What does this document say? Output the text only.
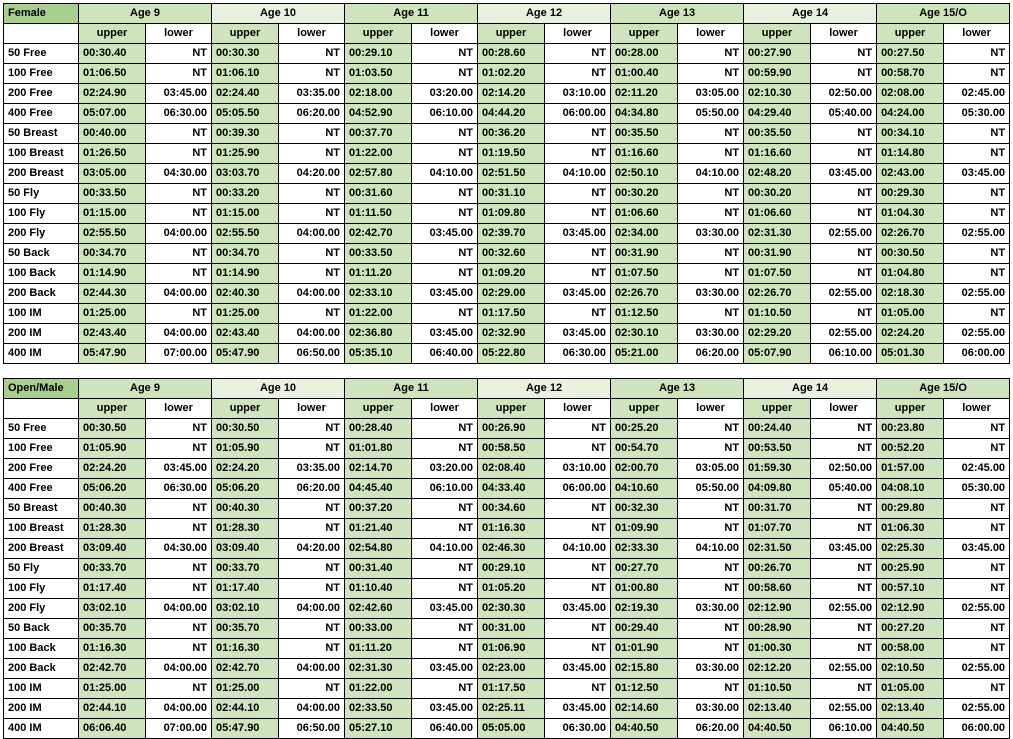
Female	Age 9		Age 10		Age 11		Age 12		Age 13		Age 14		Age 15/O	
	upper	lower	upper	lower	upper	lower	upper	lower	upper	lower	upper	lower	upper	lower
50 Free	00:30.40	NT	00:30.30	NT	00:29.10	NT	00:28.60	NT	00:28.00	NT	00:27.90	NT	00:27.50	NT
100 Free	01:06.50	NT	01:06.10	NT	01:03.50	NT	01:02.20	NT	01:00.40	NT	00:59.90	NT	00:58.70	NT
200 Free	02:24.90	03:45.00	02:24.40	03:35.00	02:18.00	03:20.00	02:14.20	03:10.00	02:11.20	03:05.00	02:10.30	02:50.00	02:08.00	02:45.00
400 Free	05:07.00	06:30.00	05:05.50	06:20.00	04:52.90	06:10.00	04:44.20	06:00.00	04:34.80	05:50.00	04:29.40	05:40.00	04:24.00	05:30.00
50 Breast	00:40.00	NT	00:39.30	NT	00:37.70	NT	00:36.20	NT	00:35.50	NT	00:35.50	NT	00:34.10	NT
100 Breast	01:26.50	NT	01:25.90	NT	01:22.00	NT	01:19.50	NT	01:16.60	NT	01:16.60	NT	01:14.80	NT
200 Breast	03:05.00	04:30.00	03:03.70	04:20.00	02:57.80	04:10.00	02:51.50	04:10.00	02:50.10	04:10.00	02:48.20	03:45.00	02:43.00	03:45.00
50 Fly	00:33.50	NT	00:33.20	NT	00:31.60	NT	00:31.10	NT	00:30.20	NT	00:30.20	NT	00:29.30	NT
100 Fly	01:15.00	NT	01:15.00	NT	01:11.50	NT	01:09.80	NT	01:06.60	NT	01:06.60	NT	01:04.30	NT
200 Fly	02:55.50	04:00.00	02:55.50	04:00.00	02:42.70	03:45.00	02:39.70	03:45.00	02:34.00	03:30.00	02:31.30	02:55.00	02:26.70	02:55.00
50 Back	00:34.70	NT	00:34.70	NT	00:33.50	NT	00:32.60	NT	00:31.90	NT	00:31.90	NT	00:30.50	NT
100 Back	01:14.90	NT	01:14.90	NT	01:11.20	NT	01:09.20	NT	01:07.50	NT	01:07.50	NT	01:04.80	NT
200 Back	02:44.30	04:00.00	02:40.30	04:00.00	02:33.10	03:45.00	02:29.00	03:45.00	02:26.70	03:30.00	02:26.70	02:55.00	02:18.30	02:55.00
100 IM	01:25.00	NT	01:25.00	NT	01:22.00	NT	01:17.50	NT	01:12.50	NT	01:10.50	NT	01:05.00	NT
200 IM	02:43.40	04:00.00	02:43.40	04:00.00	02:36.80	03:45.00	02:32.90	03:45.00	02:30.10	03:30.00	02:29.20	02:55.00	02:24.20	02:55.00
400 IM	05:47.90	07:00.00	05:47.90	06:50.00	05:35.10	06:40.00	05:22.80	06:30.00	05:21.00	06:20.00	05:07.90	06:10.00	05:01.30	06:00.00
Open/Male	Age 9		Age 10		Age 11		Age 12		Age 13		Age 14		Age 15/O	
	upper	lower	upper	lower	upper	lower	upper	lower	upper	lower	upper	lower	upper	lower
50 Free	00:30.50	NT	00:30.50	NT	00:28.40	NT	00:26.90	NT	00:25.20	NT	00:24.40	NT	00:23.80	NT
100 Free	01:05.90	NT	01:05.90	NT	01:01.80	NT	00:58.50	NT	00:54.70	NT	00:53.50	NT	00:52.20	NT
200 Free	02:24.20	03:45.00	02:24.20	03:35.00	02:14.70	03:20.00	02:08.40	03:10.00	02:00.70	03:05.00	01:59.30	02:50.00	01:57.00	02:45.00
400 Free	05:06.20	06:30.00	05:06.20	06:20.00	04:45.40	06:10.00	04:33.40	06:00.00	04:10.60	05:50.00	04:09.80	05:40.00	04:08.10	05:30.00
50 Breast	00:40.30	NT	00:40.30	NT	00:37.20	NT	00:34.60	NT	00:32.30	NT	00:31.70	NT	00:29.80	NT
100 Breast	01:28.30	NT	01:28.30	NT	01:21.40	NT	01:16.30	NT	01:09.90	NT	01:07.70	NT	01:06.30	NT
200 Breast	03:09.40	04:30.00	03:09.40	04:20.00	02:54.80	04:10.00	02:46.30	04:10.00	02:33.30	04:10.00	02:31.50	03:45.00	02:25.30	03:45.00
50 Fly	00:33.70	NT	00:33.70	NT	00:31.40	NT	00:29.10	NT	00:27.70	NT	00:26.70	NT	00:25.90	NT
100 Fly	01:17.40	NT	01:17.40	NT	01:10.40	NT	01:05.20	NT	01:00.80	NT	00:58.60	NT	00:57.10	NT
200 Fly	03:02.10	04:00.00	03:02.10	04:00.00	02:42.60	03:45.00	02:30.30	03:45.00	02:19.30	03:30.00	02:12.90	02:55.00	02:12.90	02:55.00
50 Back	00:35.70	NT	00:35.70	NT	00:33.00	NT	00:31.00	NT	00:29.40	NT	00:28.90	NT	00:27.20	NT
100 Back	01:16.30	NT	01:16.30	NT	01:11.20	NT	01:06.90	NT	01:01.90	NT	01:00.30	NT	00:58.00	NT
200 Back	02:42.70	04:00.00	02:42.70	04:00.00	02:31.30	03:45.00	02:23.00	03:45.00	02:15.80	03:30.00	02:12.20	02:55.00	02:10.50	02:55.00
100 IM	01:25.00	NT	01:25.00	NT	01:22.00	NT	01:17.50	NT	01:12.50	NT	01:10.50	NT	01:05.00	NT
200 IM	02:44.10	04:00.00	02:44.10	04:00.00	02:33.50	03:45.00	02:25.11	03:45.00	02:14.60	03:30.00	02:13.40	02:55.00	02:13.40	02:55.00
400 IM	06:06.40	07:00.00	05:47.90	06:50.00	05:27.10	06:40.00	05:05.00	06:30.00	04:40.50	06:20.00	04:40.50	06:10.00	04:40.50	06:00.00
